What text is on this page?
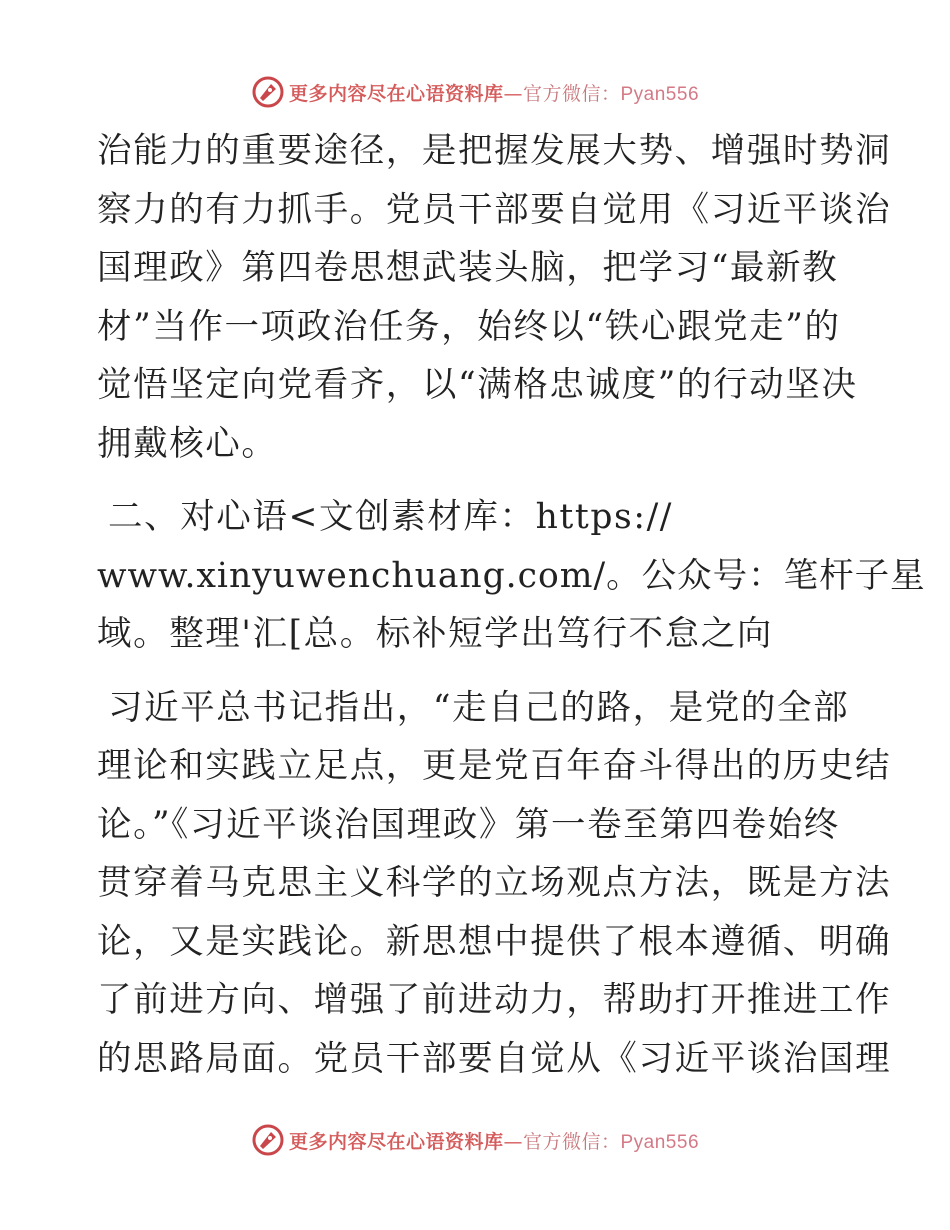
更多内容尽在心语资料库—官方微信：Pyan556
治能力的重要途径，是把握发展大势、增强时势洞
察力的有力抓手。党员干部要自觉用《习近平谈治
国理政》第四卷思想武装头脑，把学习“最新教
材”当作一项政治任务，始终以“铁心跟党走”的
觉悟坚定向党看齐，以“满格忠诚度”的行动坚决
拥戴核心。
二、对心语<文创素材库：https://
www.xinyuwenchuang.com/。公众号：笔杆子星
域。整理'汇[总。标补短学出笃行不怠之向
习近平总书记指出，“走自己的路，是党的全部
理论和实践立足点，更是党百年奋斗得出的历史结
论。”《习近平谈治国理政》第一卷至第四卷始终
贯穿着马克思主义科学的立场观点方法，既是方法
论，又是实践论。新思想中提供了根本遵循、明确
了前进方向、增强了前进动力，帮助打开推进工作
的思路局面。党员干部要自觉从《习近平谈治国理
更多内容尽在心语资料库—官方微信：Pyan556
